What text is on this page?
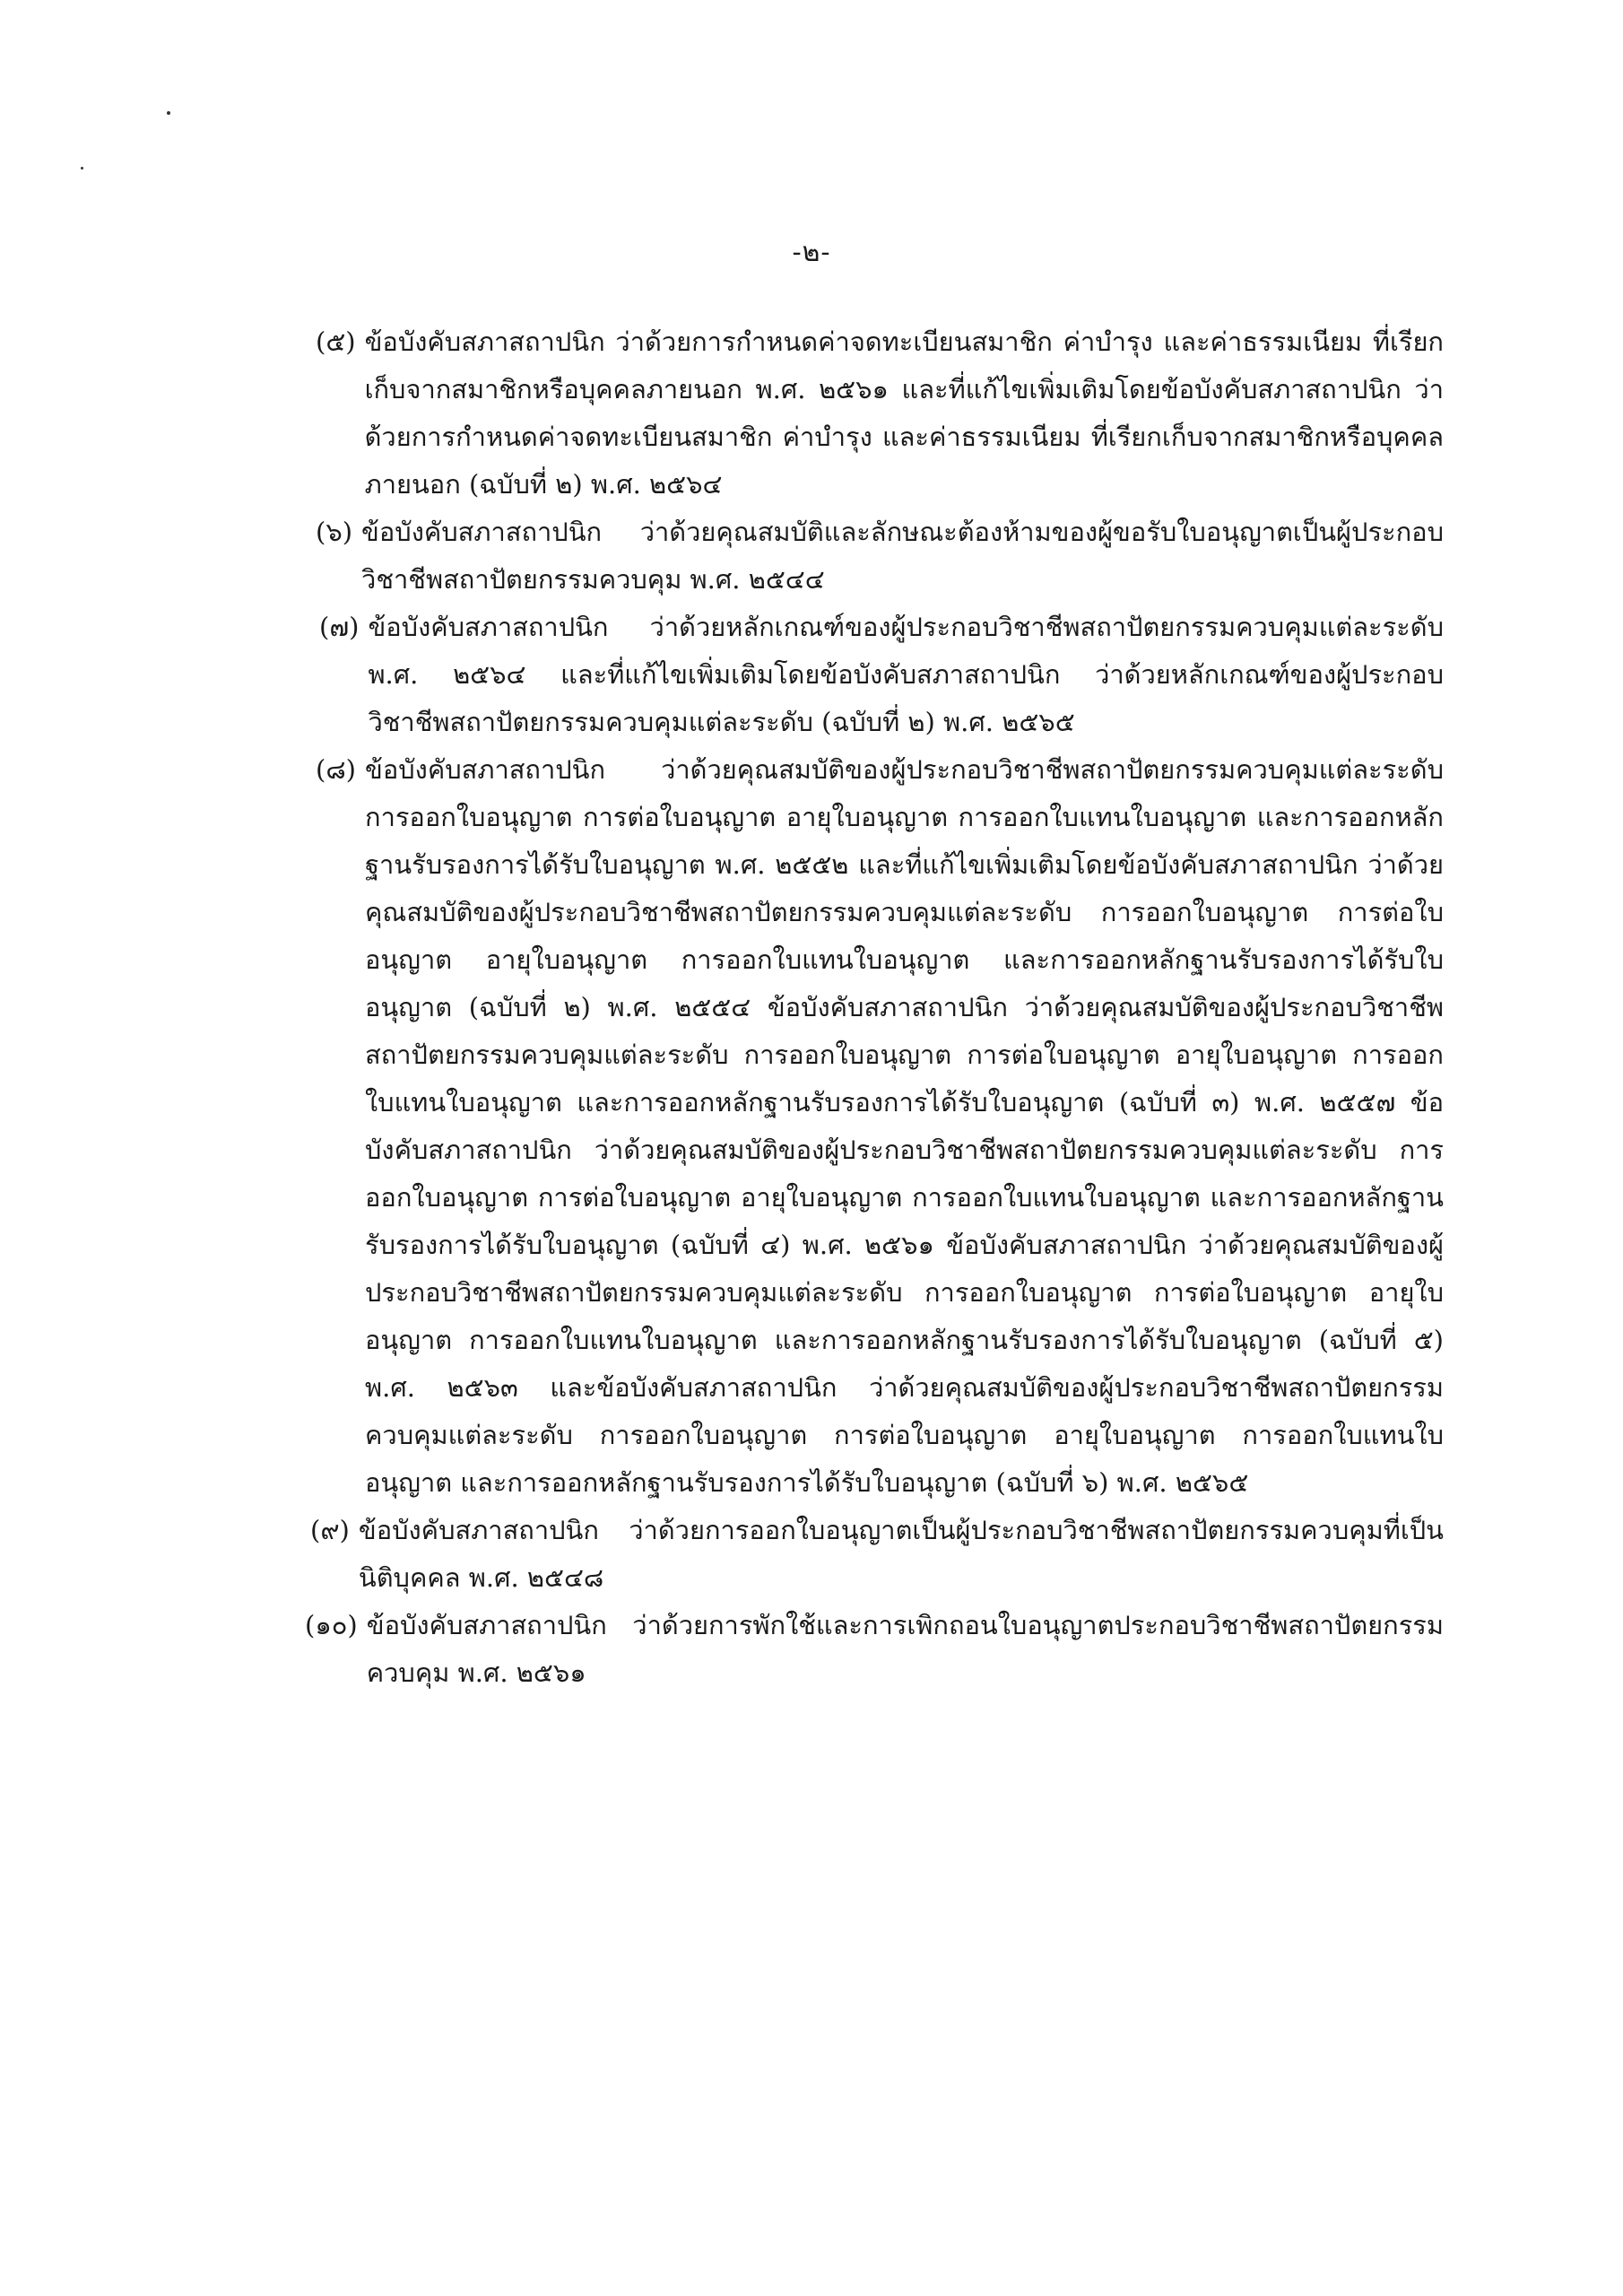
-๒-
(๕) ข้อบังคับสภาสถาปนิก ว่าด้วยการกำหนดค่าจดทะเบียนสมาชิก ค่าบำรุง และค่าธรรมเนียม ที่เรียกเก็บจากสมาชิกหรือบุคคลภายนอก พ.ศ. ๒๕๖๑ และที่แก้ไขเพิ่มเติมโดยข้อบังคับสภาสถาปนิก ว่าด้วยการกำหนดค่าจดทะเบียนสมาชิก ค่าบำรุง และค่าธรรมเนียม ที่เรียกเก็บจากสมาชิกหรือบุคคลภายนอก (ฉบับที่ ๒) พ.ศ. ๒๕๖๔
(๖) ข้อบังคับสภาสถาปนิก ว่าด้วยคุณสมบัติและลักษณะต้องห้ามของผู้ขอรับใบอนุญาตเป็นผู้ประกอบวิชาชีพสถาปัตยกรรมควบคุม พ.ศ. ๒๕๔๔
(๗) ข้อบังคับสภาสถาปนิก ว่าด้วยหลักเกณฑ์ของผู้ประกอบวิชาชีพสถาปัตยกรรมควบคุมแต่ละระดับ พ.ศ. ๒๕๖๔ และที่แก้ไขเพิ่มเติมโดยข้อบังคับสภาสถาปนิก ว่าด้วยหลักเกณฑ์ของผู้ประกอบวิชาชีพสถาปัตยกรรมควบคุมแต่ละระดับ (ฉบับที่ ๒) พ.ศ. ๒๕๖๕
(๘) ข้อบังคับสภาสถาปนิก ว่าด้วยคุณสมบัติของผู้ประกอบวิชาชีพสถาปัตยกรรมควบคุมแต่ละระดับ การออกใบอนุญาต การต่อใบอนุญาต อายุใบอนุญาต การออกใบแทนใบอนุญาต และการออกหลักฐานรับรองการได้รับใบอนุญาต พ.ศ. ๒๕๕๒ และที่แก้ไขเพิ่มเติมโดยข้อบังคับสภาสถาปนิก ว่าด้วยคุณสมบัติของผู้ประกอบวิชาชีพสถาปัตยกรรมควบคุมแต่ละระดับ การออกใบอนุญาต การต่อใบอนุญาต อายุใบอนุญาต การออกใบแทนใบอนุญาต และการออกหลักฐานรับรองการได้รับใบอนุญาต (ฉบับที่ ๒) พ.ศ. ๒๕๕๔ ข้อบังคับสภาสถาปนิก ว่าด้วยคุณสมบัติของผู้ประกอบวิชาชีพสถาปัตยกรรมควบคุมแต่ละระดับ การออกใบอนุญาต การต่อใบอนุญาต อายุใบอนุญาต การออกใบแทนใบอนุญาต และการออกหลักฐานรับรองการได้รับใบอนุญาต (ฉบับที่ ๓) พ.ศ. ๒๕๕๗ ข้อบังคับสภาสถาปนิก ว่าด้วยคุณสมบัติของผู้ประกอบวิชาชีพสถาปัตยกรรมควบคุมแต่ละระดับ การออกใบอนุญาต การต่อใบอนุญาต อายุใบอนุญาต การออกใบแทนใบอนุญาต และการออกหลักฐานรับรองการได้รับใบอนุญาต (ฉบับที่ ๔) พ.ศ. ๒๕๖๑ ข้อบังคับสภาสถาปนิก ว่าด้วยคุณสมบัติของผู้ประกอบวิชาชีพสถาปัตยกรรมควบคุมแต่ละระดับ การออกใบอนุญาต การต่อใบอนุญาต อายุใบอนุญาต การออกใบแทนใบอนุญาต และการออกหลักฐานรับรองการได้รับใบอนุญาต (ฉบับที่ ๕) พ.ศ. ๒๕๖๓ และข้อบังคับสภาสถาปนิก ว่าด้วยคุณสมบัติของผู้ประกอบวิชาชีพสถาปัตยกรรมควบคุมแต่ละระดับ การออกใบอนุญาต การต่อใบอนุญาต อายุใบอนุญาต การออกใบแทนใบอนุญาต และการออกหลักฐานรับรองการได้รับใบอนุญาต (ฉบับที่ ๖) พ.ศ. ๒๕๖๕
(๙) ข้อบังคับสภาสถาปนิก ว่าด้วยการออกใบอนุญาตเป็นผู้ประกอบวิชาชีพสถาปัตยกรรมควบคุมที่เป็นนิติบุคคล พ.ศ. ๒๕๔๘
(๑๐) ข้อบังคับสภาสถาปนิก ว่าด้วยการพักใช้และการเพิกถอนใบอนุญาตประกอบวิชาชีพสถาปัตยกรรมควบคุม พ.ศ. ๒๕๖๑
